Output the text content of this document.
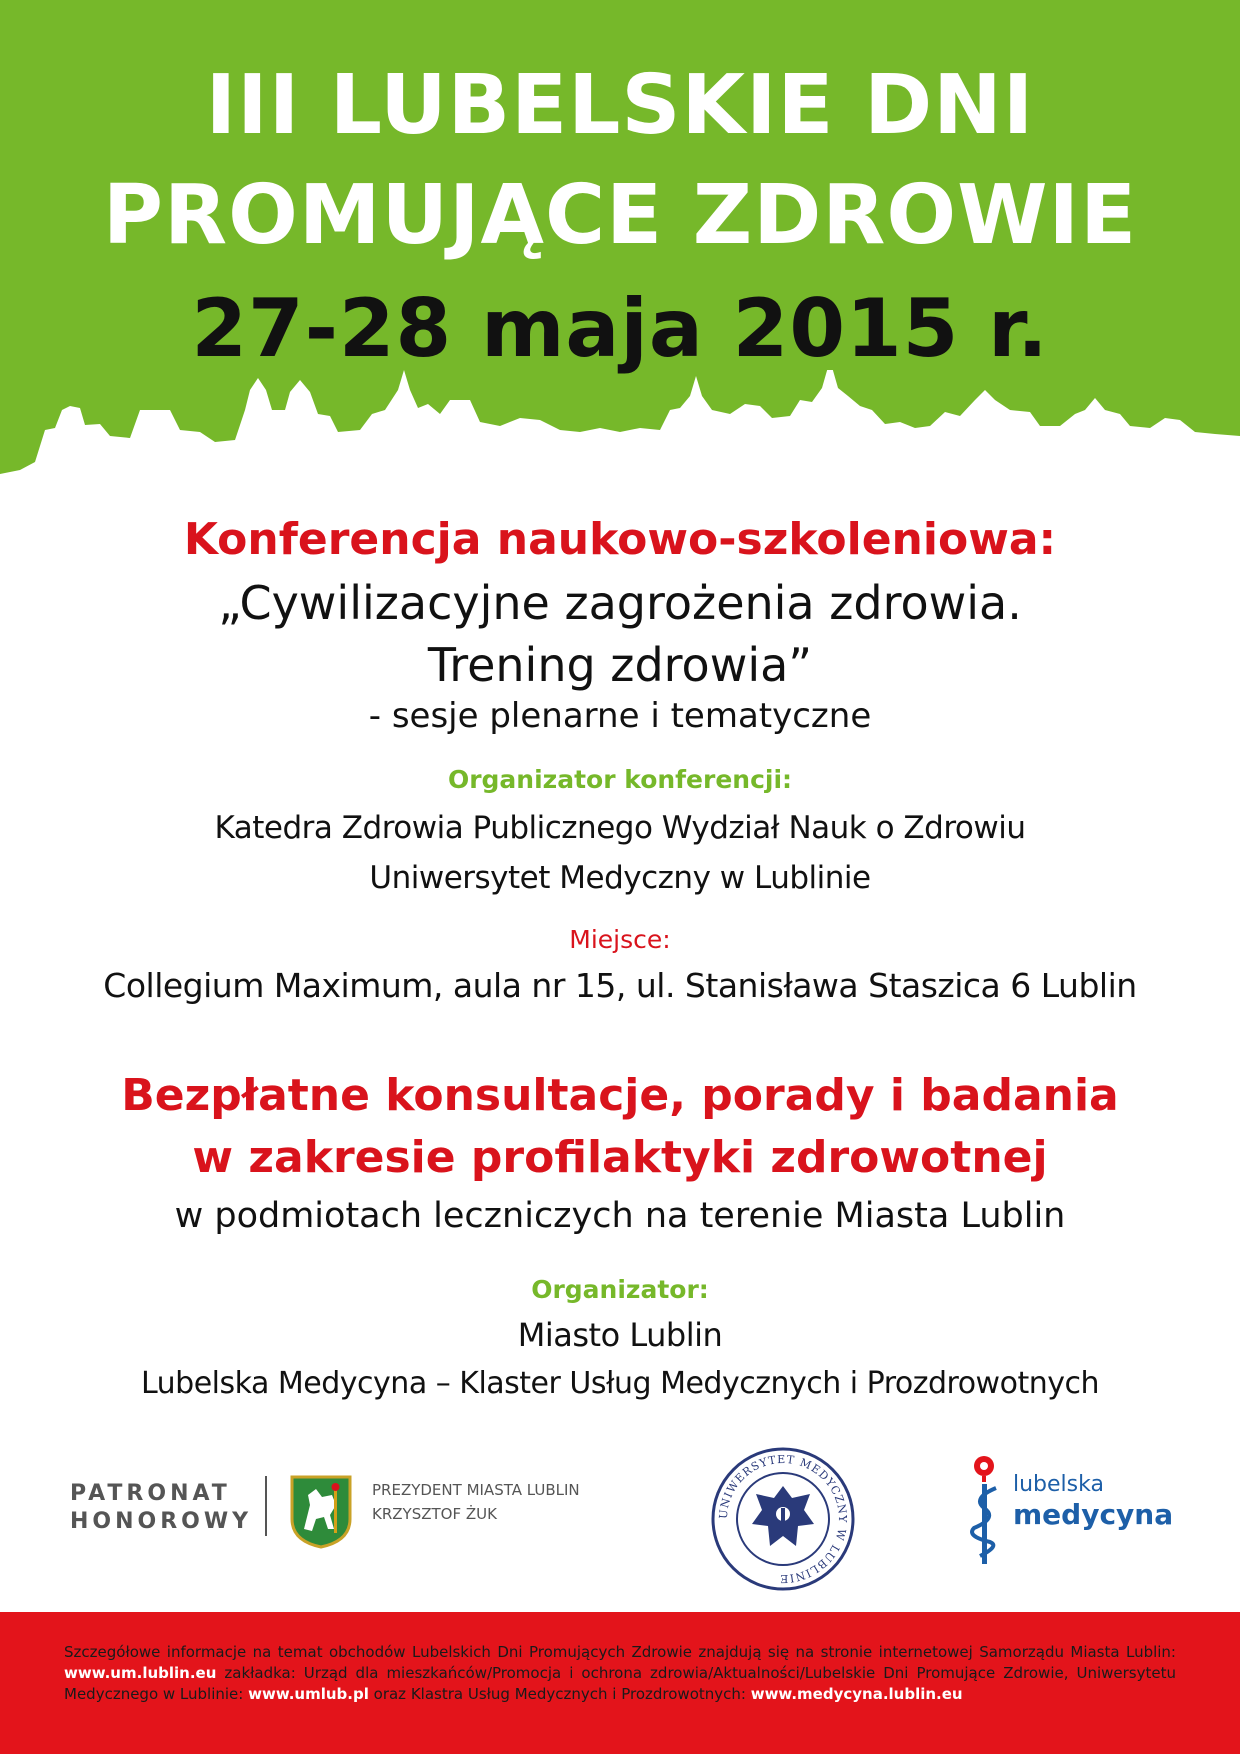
III LUBELSKIE DNI
PROMUJĄCE ZDROWIE
27-28 maja 2015 r.
Konferencja naukowo-szkoleniowa:
„Cywilizacyjne zagrożenia zdrowia.
Trening zdrowia”
- sesje plenarne i tematyczne
Organizator konferencji:
Katedra Zdrowia Publicznego Wydział Nauk o Zdrowiu
Uniwersytet Medyczny w Lublinie
Miejsce:
Collegium Maximum, aula nr 15, ul. Stanisława Staszica 6 Lublin
Bezpłatne konsultacje, porady i badania
w zakresie profilaktyki zdrowotnej
w podmiotach leczniczych na terenie Miasta Lublin
Organizator:
Miasto Lublin
Lubelska Medycyna – Klaster Usług Medycznych i Prozdrowotnych
PATRONAT
HONOROWY
PREZYDENT MIASTA LUBLIN
KRZYSZTOF ŻUK	UNIWERSYTET MEDYCZNY W LUBLINIE
lubelska
medycyna
Szczegółowe informacje na temat obchodów Lubelskich Dni Promujących Zdrowie znajdują się na stronie internetowej Samorządu Miasta Lublin: www.um.lublin.eu zakładka: Urząd dla mieszkańców/Promocja i ochrona zdrowia/Aktualności/Lubelskie Dni Promujące Zdrowie, Uniwersytetu Medycznego w Lublinie: www.umlub.pl oraz Klastra Usług Medycznych i Prozdrowotnych: www.medycyna.lublin.eu
